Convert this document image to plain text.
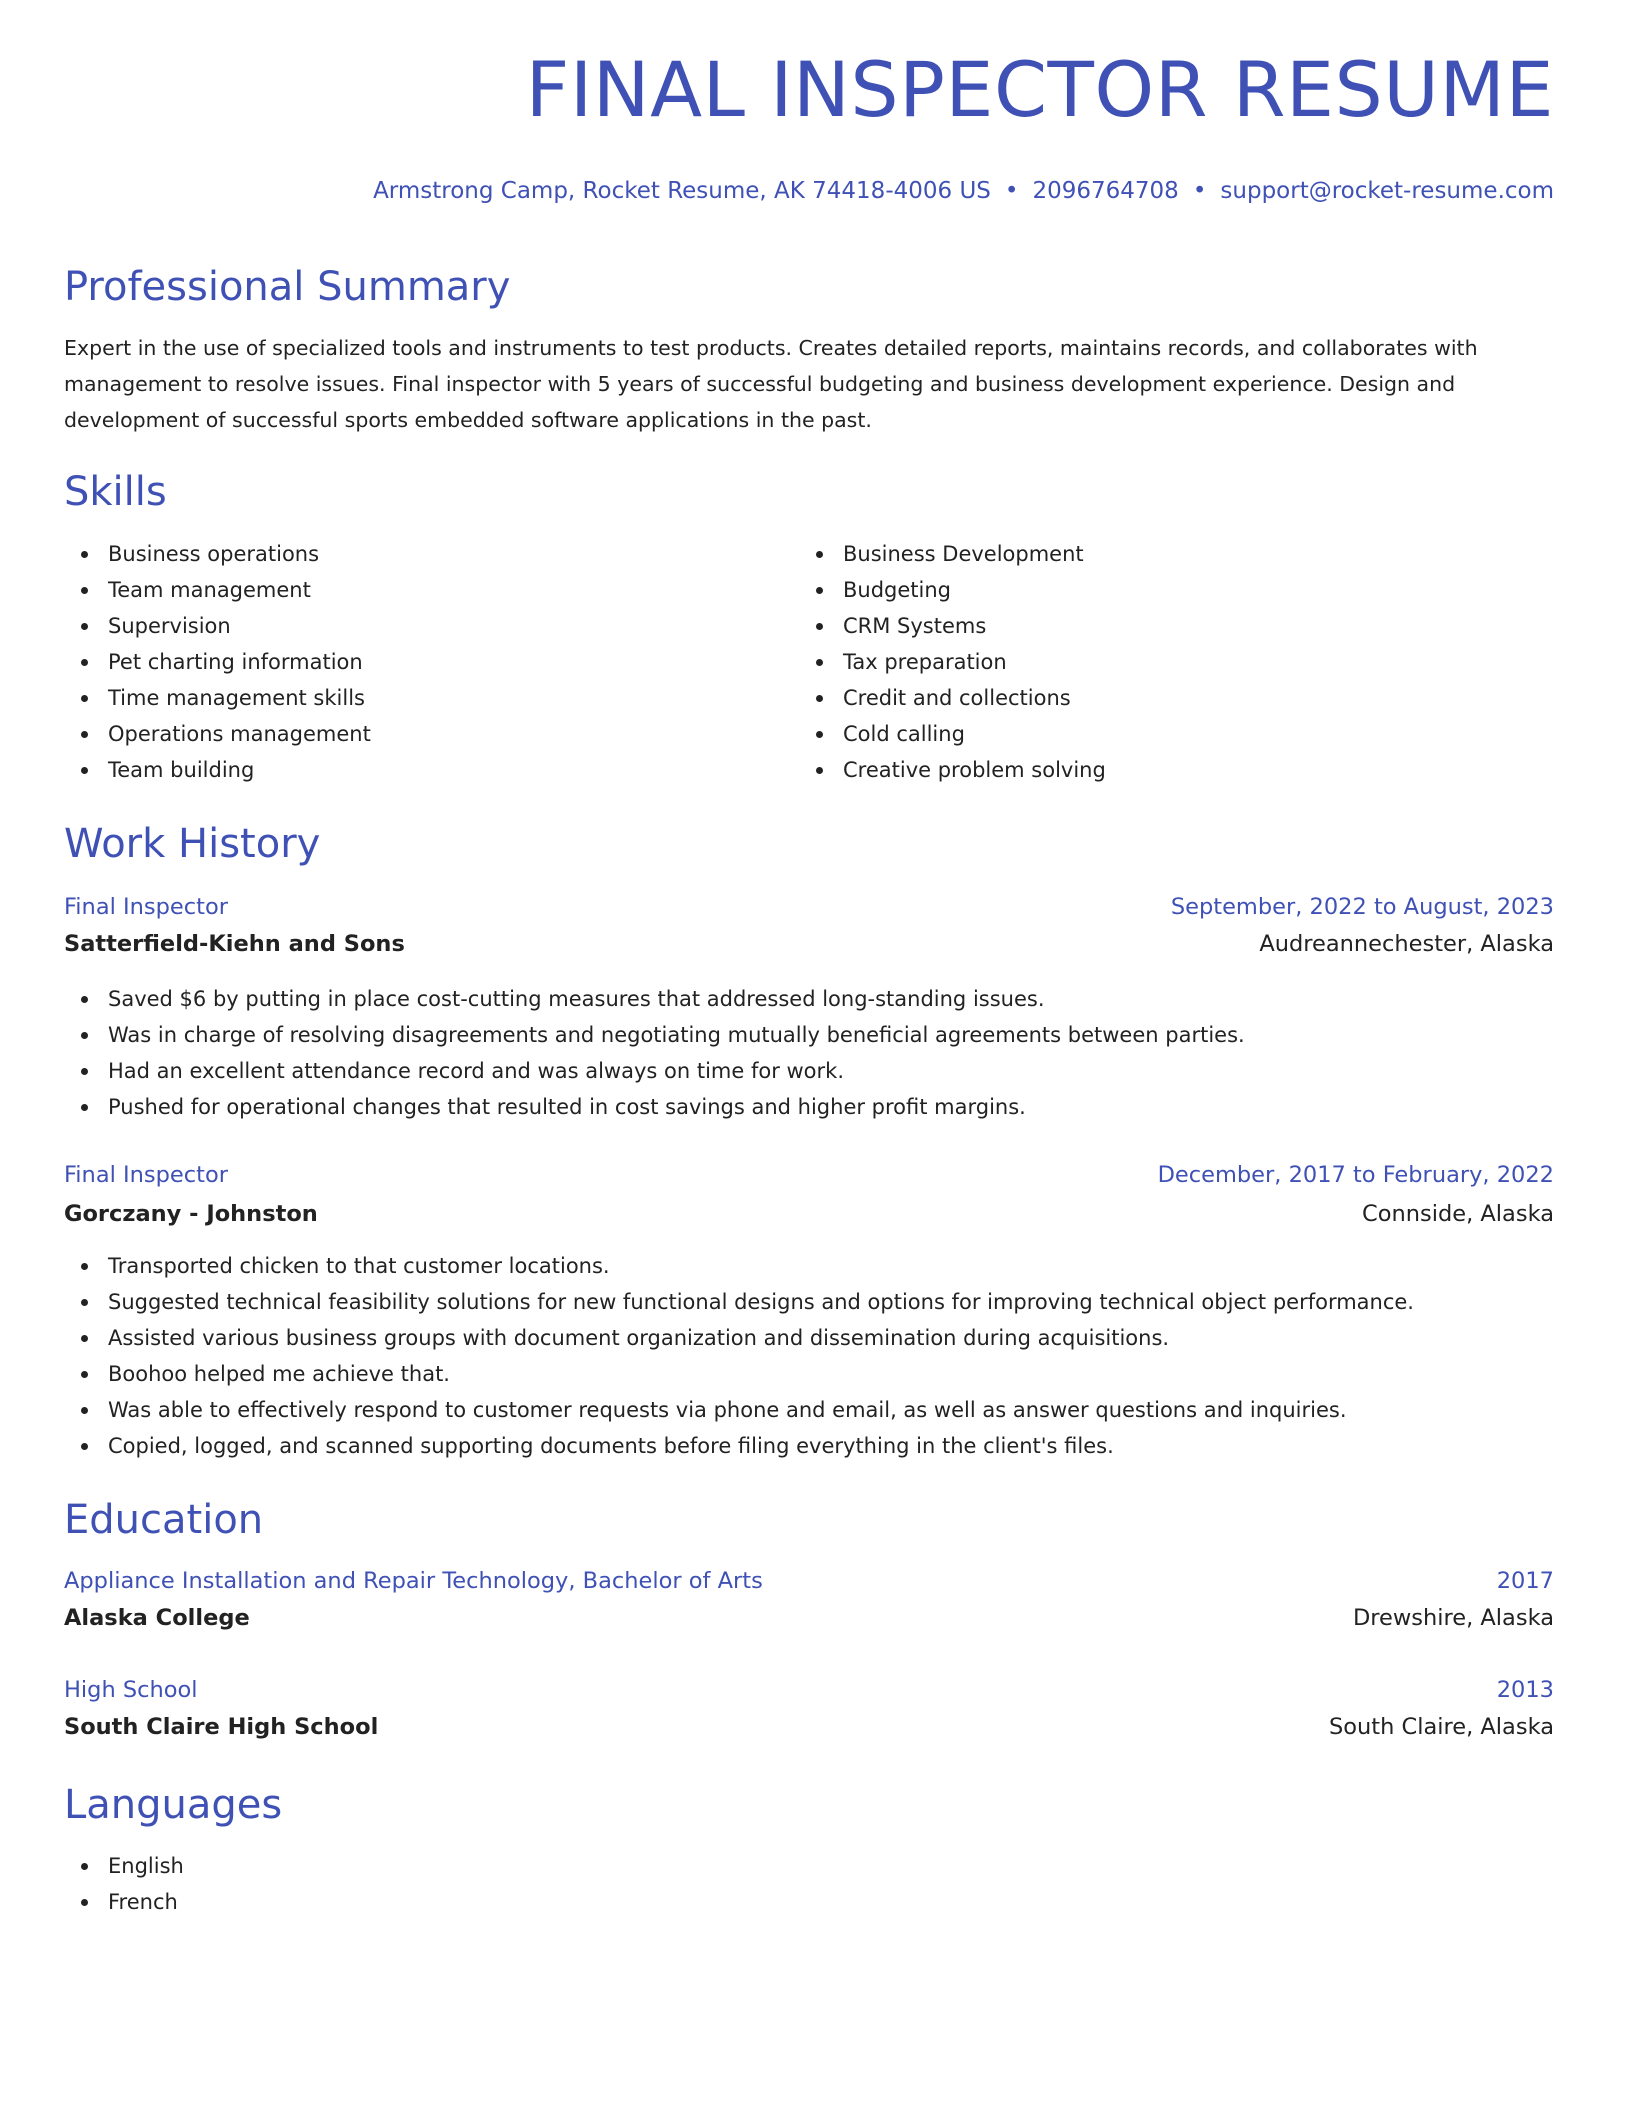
FINAL INSPECTOR RESUME
Armstrong Camp, Rocket Resume, AK 74418-4006 US • 2096764708 • support@rocket-resume.com
Professional Summary

Expert in the use of specialized tools and instruments to test products. Creates detailed reports, maintains records, and collaborates with management to resolve issues. Final inspector with 5 years of successful budgeting and business development experience. Design and development of successful sports embedded software applications in the past.

Skills
Business operations
Team management
Supervision
Pet charting information
Time management skills
Operations management
Team building
Business Development
Budgeting
CRM Systems
Tax preparation
Credit and collections
Cold calling
Creative problem solving
Work History
Final Inspector	September, 2022 to August, 2023
Satterfield-Kiehn and Sons	Audreannechester, Alaska
Saved $6 by putting in place cost-cutting measures that addressed long-standing issues.
Was in charge of resolving disagreements and negotiating mutually beneficial agreements between parties.
Had an excellent attendance record and was always on time for work.
Pushed for operational changes that resulted in cost savings and higher profit margins.
Final Inspector	December, 2017 to February, 2022
Gorczany - Johnston	Connside, Alaska
Transported chicken to that customer locations.
Suggested technical feasibility solutions for new functional designs and options for improving technical object performance.
Assisted various business groups with document organization and dissemination during acquisitions.
Boohoo helped me achieve that.
Was able to effectively respond to customer requests via phone and email, as well as answer questions and inquiries.
Copied, logged, and scanned supporting documents before filing everything in the client's files.
Education
Appliance Installation and Repair Technology, Bachelor of Arts	2017
Alaska College	Drewshire, Alaska
High School	2013
South Claire High School	South Claire, Alaska
Languages
English
French
